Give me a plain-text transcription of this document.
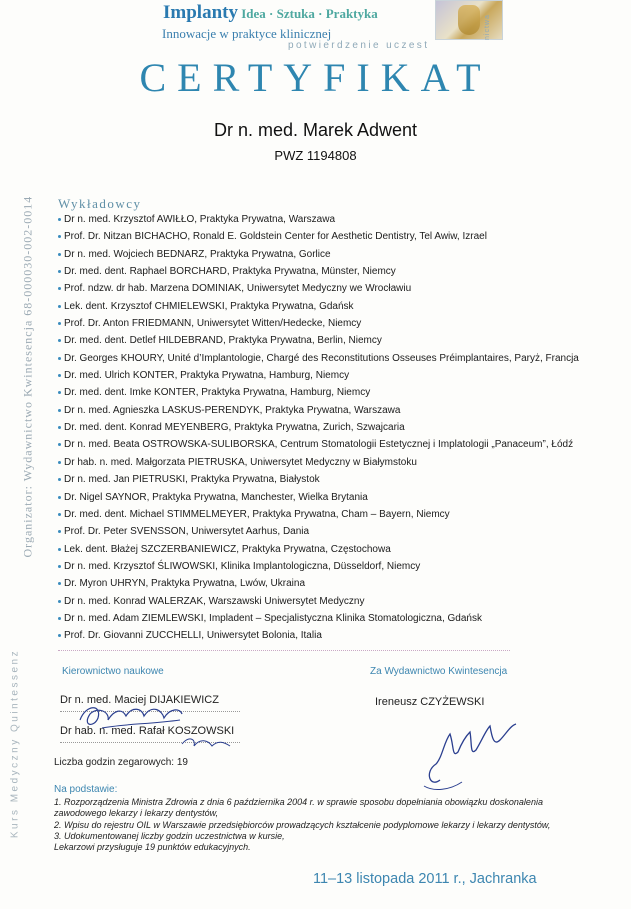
Implanty Idea · Sztuka · Praktyka
Innowacje w praktyce klinicznej
potwierdzenie uczest
nictwa
CERTYFIKAT
Dr n. med. Marek Adwent
PWZ 1194808
Organizator: Wydawnictwo Kwintesencja 68-000030-002-0014
Kurs Medyczny Quintessenz
Wykładowcy
Dr n. med. Krzysztof AWIŁŁO, Praktyka Prywatna, Warszawa
Prof. Dr. Nitzan BICHACHO, Ronald E. Goldstein Center for Aesthetic Dentistry, Tel Awiw, Izrael
Dr n. med. Wojciech BEDNARZ, Praktyka Prywatna, Gorlice
Dr. med. dent. Raphael BORCHARD, Praktyka Prywatna, Münster, Niemcy
Prof. ndzw. dr hab. Marzena DOMINIAK, Uniwersytet Medyczny we Wrocławiu
Lek. dent. Krzysztof CHMIELEWSKI, Praktyka Prywatna, Gdańsk
Prof. Dr. Anton FRIEDMANN, Uniwersytet Witten/Hedecke, Niemcy
Dr. med. dent. Detlef HILDEBRAND, Praktyka Prywatna, Berlin, Niemcy
Dr. Georges KHOURY, Unité d’Implantologie, Chargé des Reconstitutions Osseuses Préimplantaires, Paryż, Francja
Dr. med. Ulrich KONTER, Praktyka Prywatna, Hamburg, Niemcy
Dr. med. dent. Imke KONTER, Praktyka Prywatna, Hamburg, Niemcy
Dr n. med. Agnieszka LASKUS-PERENDYK, Praktyka Prywatna, Warszawa
Dr. med. dent. Konrad MEYENBERG, Praktyka Prywatna, Zurich, Szwajcaria
Dr n. med. Beata OSTROWSKA-SULIBORSKA, Centrum Stomatologii Estetycznej i Implatologii „Panaceum”, Łódź
Dr hab. n. med. Małgorzata PIETRUSKA, Uniwersytet Medyczny w Białymstoku
Dr n. med. Jan PIETRUSKI, Praktyka Prywatna, Białystok
Dr. Nigel SAYNOR, Praktyka Prywatna, Manchester, Wielka Brytania
Dr. med. dent. Michael STIMMELMEYER, Praktyka Prywatna, Cham – Bayern, Niemcy
Prof. Dr. Peter SVENSSON, Uniwersytet Aarhus, Dania
Lek. dent. Błażej SZCZERBANIEWICZ, Praktyka Prywatna, Częstochowa
Dr n. med. Krzysztof ŚLIWOWSKI, Klinika Implantologiczna, Düsseldorf, Niemcy
Dr. Myron UHRYN, Praktyka Prywatna, Lwów, Ukraina
Dr n. med. Konrad WALERZAK, Warszawski Uniwersytet Medyczny
Dr n. med. Adam ZIEMLEWSKI, Impladent – Specjalistyczna Klinika Stomatologiczna, Gdańsk
Prof. Dr. Giovanni ZUCCHELLI, Uniwersytet Bolonia, Italia
Kierownictwo naukowe	Za Wydawnictwo Kwintesencja
Dr n. med. Maciej DIJAKIEWICZ
Dr hab. n. med. Rafał KOSZOWSKI
Ireneusz CZYŻEWSKI
Liczba godzin zegarowych: 19
Na podstawie:
1. Rozporządzenia Ministra Zdrowia z dnia 6 października 2004 r. w sprawie sposobu dopełniania obowiązku doskonalenia
zawodowego lekarzy i lekarzy dentystów,
2. Wpisu do rejestru OIL w Warszawie przedsiębiorców prowadzących kształcenie podyplomowe lekarzy i lekarzy dentystów,
3. Udokumentowanej liczby godzin uczestnictwa w kursie,
Lekarzowi przysługuje 19 punktów edukacyjnych.
11–13 listopada 2011 r., Jachranka
